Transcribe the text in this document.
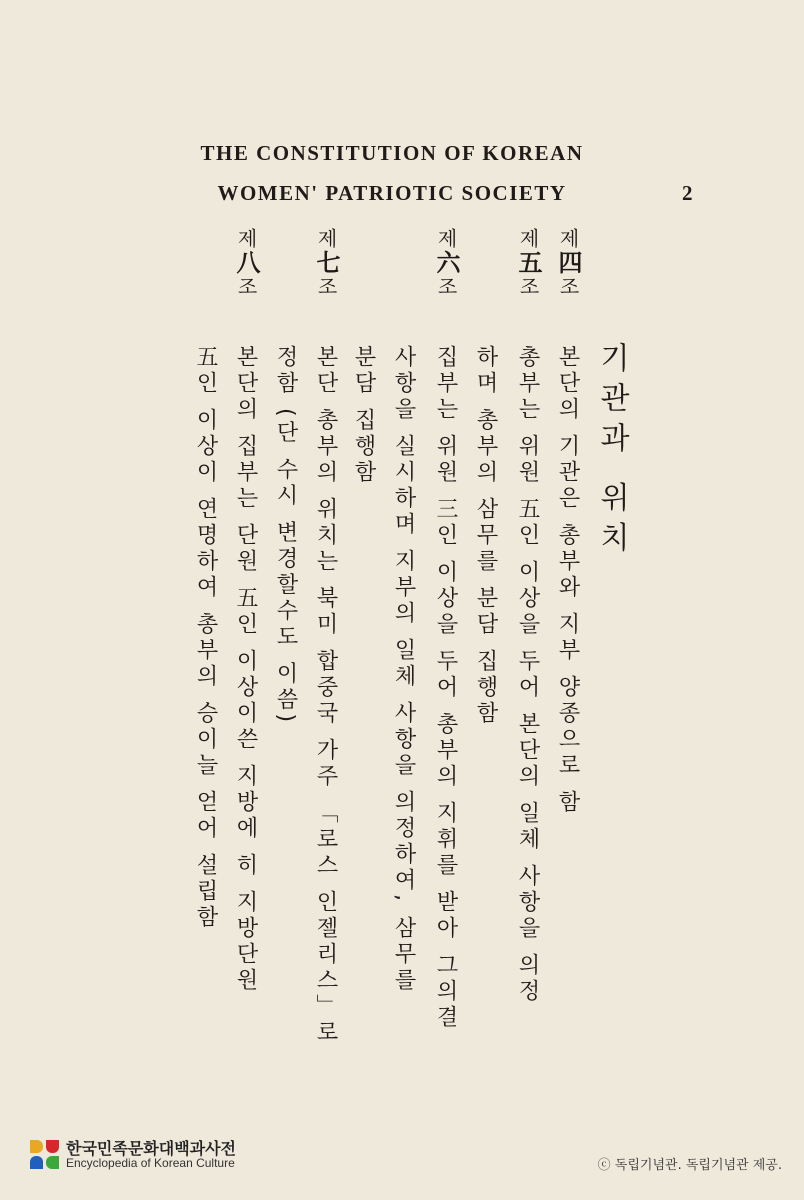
THE CONSTITUTION OF KOREAN
WOMEN' PATRIOTIC SOCIETY	2
기관과 위치
제四조
본단의 기관은 총부와 지부 양종으로 함
제五조
총부는 위원 五인 이상을 두어 본단의 일체 사항을 의정
하며 총부의 삼무를 분담 집행함
제六조
집부는 위원 三인 이상을 두어 총부의 지휘를 받아 그의결
사항을 실시하며 지부의 일체 사항을 의정하여, 삼무를
분담 집행함
제七조
본단 총부의 위치는 북미 합중국 가주 「로스 인젤리스」로
정함 (단 수시 변경할수도 이씀)
제八조
본단의 집부는 단원 五인 이상이쓴 지방에 히 지방단원
五인 이상이 연명하여 총부의 승이늘 얻어 설립함
한국민족문화대백과사전
Encyclopedia of Korean Culture	ⓒ 독립기념관. 독립기념관 제공.
